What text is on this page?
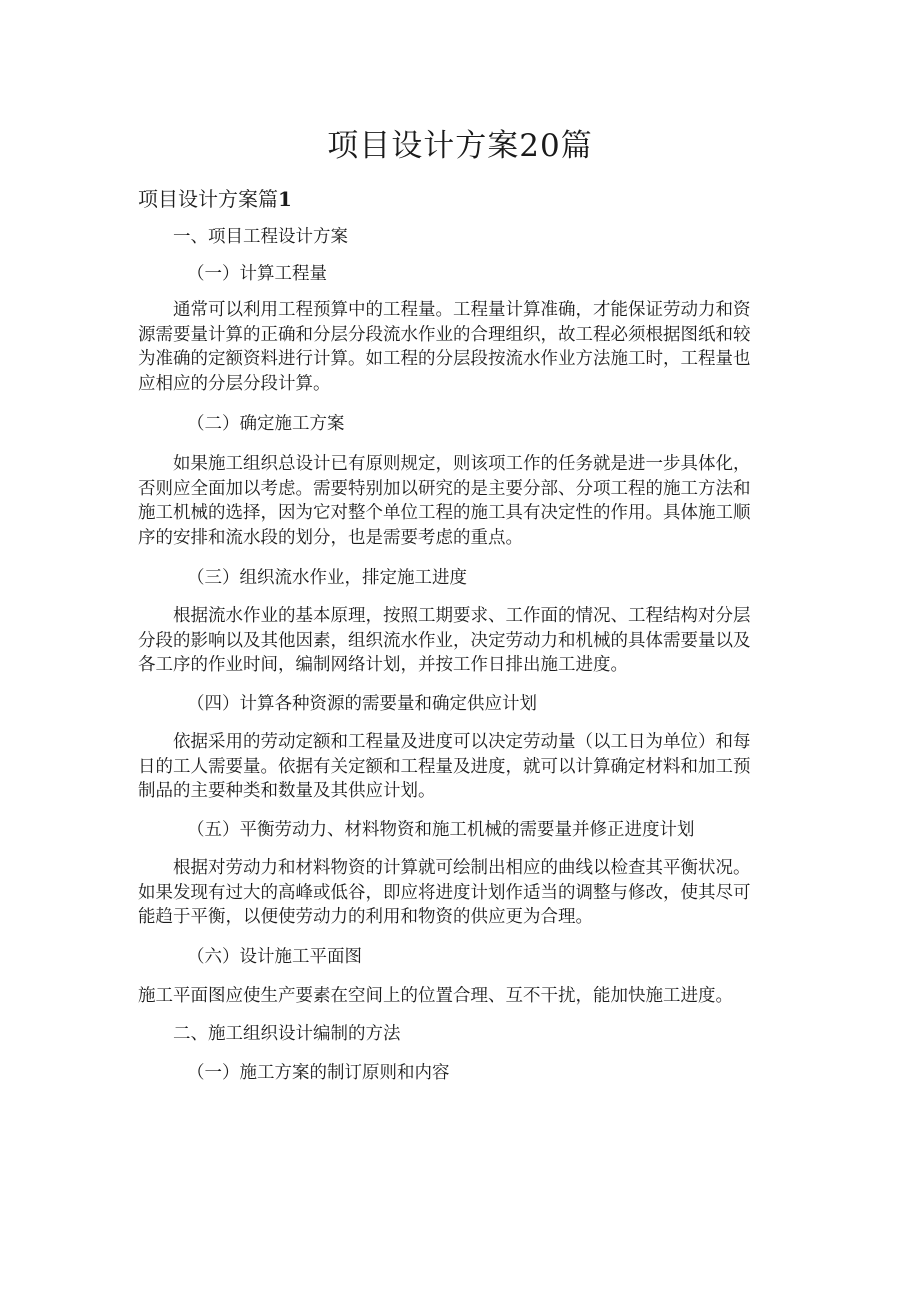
项目设计方案20篇
项目设计方案篇1
一、项目工程设计方案
（一）计算工程量
通常可以利用工程预算中的工程量。工程量计算准确，才能保证劳动力和资
源需要量计算的正确和分层分段流水作业的合理组织，故工程必须根据图纸和较
为准确的定额资料进行计算。如工程的分层段按流水作业方法施工时，工程量也
应相应的分层分段计算。
（二）确定施工方案
如果施工组织总设计已有原则规定，则该项工作的任务就是进一步具体化，
否则应全面加以考虑。需要特别加以研究的是主要分部、分项工程的施工方法和
施工机械的选择，因为它对整个单位工程的施工具有决定性的作用。具体施工顺
序的安排和流水段的划分，也是需要考虑的重点。
（三）组织流水作业，排定施工进度
根据流水作业的基本原理，按照工期要求、工作面的情况、工程结构对分层
分段的影响以及其他因素，组织流水作业，决定劳动力和机械的具体需要量以及
各工序的作业时间，编制网络计划，并按工作日排出施工进度。
（四）计算各种资源的需要量和确定供应计划
依据采用的劳动定额和工程量及进度可以决定劳动量（以工日为单位）和每
日的工人需要量。依据有关定额和工程量及进度，就可以计算确定材料和加工预
制品的主要种类和数量及其供应计划。
（五）平衡劳动力、材料物资和施工机械的需要量并修正进度计划
根据对劳动力和材料物资的计算就可绘制出相应的曲线以检查其平衡状况。
如果发现有过大的高峰或低谷，即应将进度计划作适当的调整与修改，使其尽可
能趋于平衡，以便使劳动力的利用和物资的供应更为合理。
（六）设计施工平面图
施工平面图应使生产要素在空间上的位置合理、互不干扰，能加快施工进度。
二、施工组织设计编制的方法
（一）施工方案的制订原则和内容
